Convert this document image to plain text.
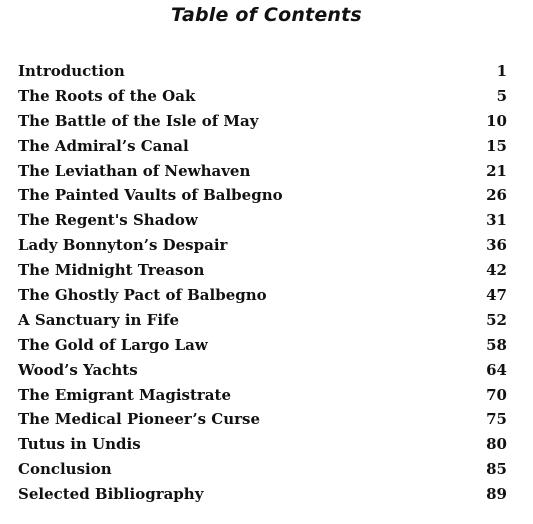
Table of Contents
Introduction	1
The Roots of the Oak	5
The Battle of the Isle of May	10
The Admiral’s Canal	15
The Leviathan of Newhaven	21
The Painted Vaults of Balbegno	26
The Regent's Shadow	31
Lady Bonnyton’s Despair	36
The Midnight Treason	42
The Ghostly Pact of Balbegno	47
A Sanctuary in Fife	52
The Gold of Largo Law	58
Wood’s Yachts	64
The Emigrant Magistrate	70
The Medical Pioneer’s Curse	75
Tutus in Undis	80
Conclusion	85
Selected Bibliography	89
